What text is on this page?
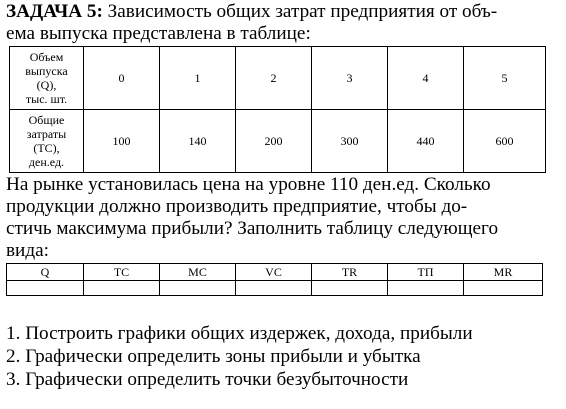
ЗАДАЧА 5: Зависимость общих затрат предприятия от объ-
ема выпуска представлена в таблице:

Объем
выпуска
(Q),
тыс. шт.	0	1	2	3	4	5
Общие
затраты
(TC),
ден.ед.	100	140	200	300	440	600

На рынке установилась цена на уровне 110 ден.ед. Сколько
продукции должно производить предприятие, чтобы до-
стичь максимума прибыли? Заполнить таблицу следующего
вида:

Q	TC	MC	VC	TR	TП	MR

1. Построить графики общих издержек, дохода, прибыли
2. Графически определить зоны прибыли и убытка
3. Графически определить точки безубыточности
